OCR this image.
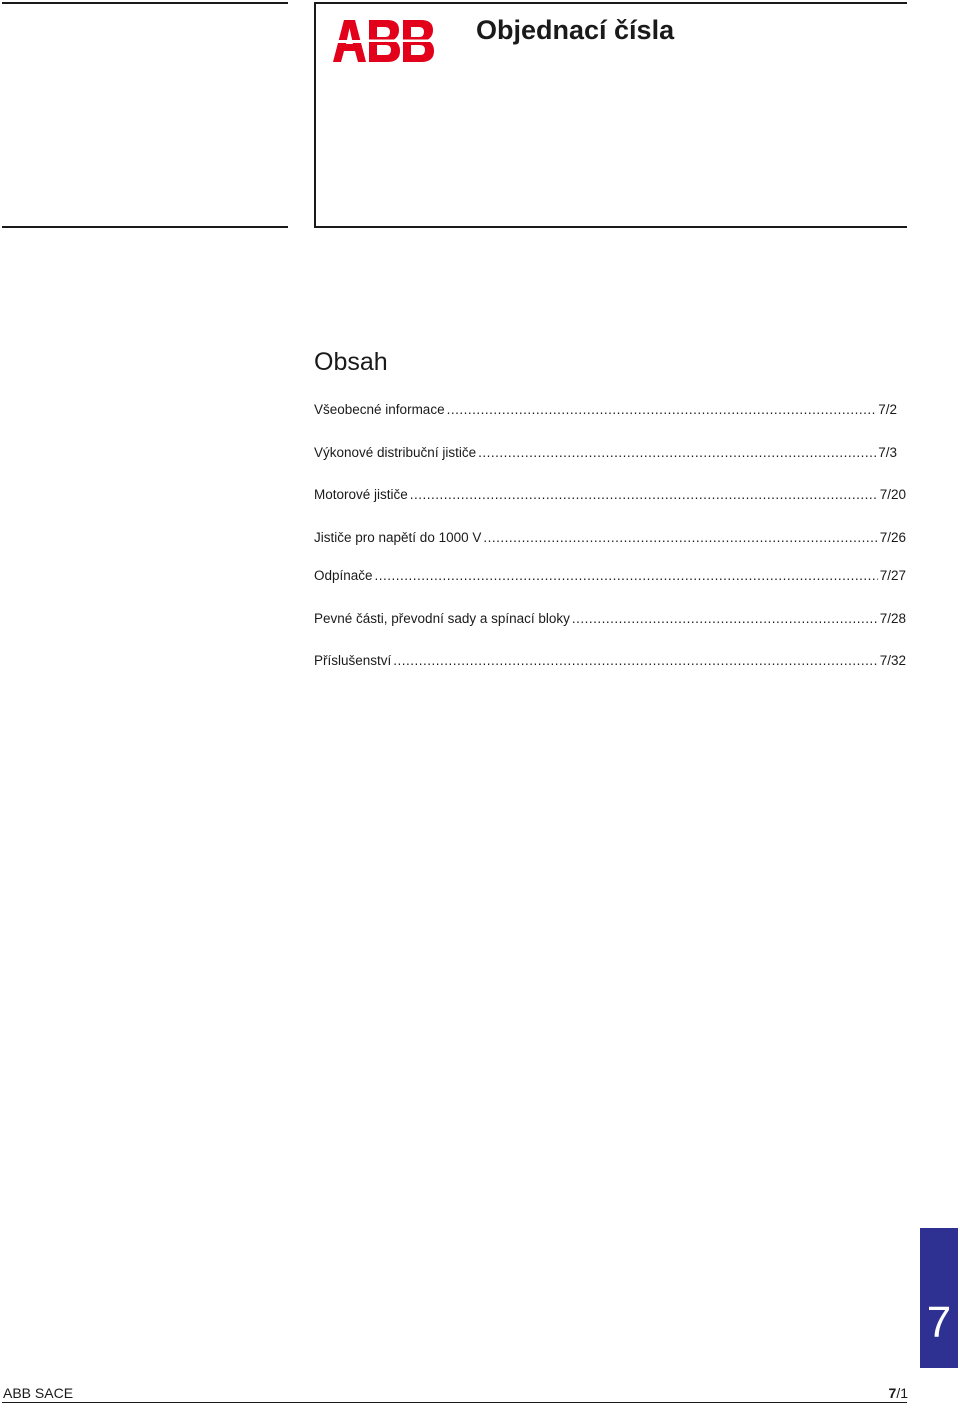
Objednací čísla
Obsah
Všeobecné informace .....	7/2
Výkonové distribuční jističe .....	7/3
Motorové jističe .....	7/20
Jističe pro napětí do 1000 V .....	7/26
Odpínače .....	7/27
Pevné části, převodní sady a spínací bloky .....	7/28
Příslušenství .....	7/32
7
ABB SACE	7/1
